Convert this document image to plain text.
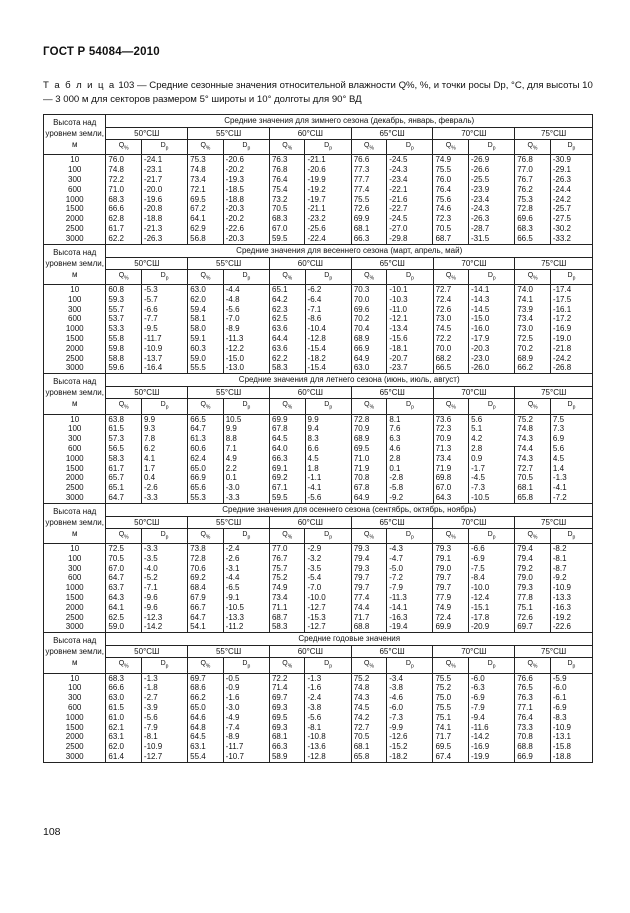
ГОСТ Р 54084—2010
Т а б л и ц а 103 — Средние сезонные значения относительной влажности Q%, %, и точки росы Dр, °С, для высоты 10 — 3 000 м для секторов размером 5° широты и 10° долготы для 90° ВД
Высота над уровнем земли, м	Средние значения для зимнего сезона (декабрь, январь, февраль)											
	50°СШ		55°СШ		60°СШ		65°СШ		70°СШ		75°СШ	
	$Q_{\%}$	$D_р$	$Q_{\%}$	$D_р$	$Q_{\%}$	$D_р$	$Q_{\%}$	$D_р$	$Q_{\%}$	$D_р$	$Q_{\%}$	$D_р$
10	76.0	-24.1	75.3	-20.6	76.3	-21.1	76.6	-24.5	74.9	-26.9	76.8	-30.9
100	74.8	-23.1	74.8	-20.2	76.8	-20.6	77.3	-24.3	75.5	-26.6	77.0	-29.1
300	72.2	-21.7	73.4	-19.3	76.4	-19.9	77.7	-23.4	76.0	-25.5	76.7	-26.3
600	71.0	-20.0	72.1	-18.5	75.4	-19.2	77.4	-22.1	76.4	-23.9	76.2	-24.4
1000	68.3	-19.6	69.5	-18.8	73.2	-19.7	75.5	-21.6	75.6	-23.4	75.3	-24.2
1500	66.6	-20.8	67.2	-20.3	70.5	-21.1	72.6	-22.7	74.6	-24.3	72.8	-25.7
2000	62.8	-18.8	64.1	-20.2	68.3	-23.2	69.9	-24.5	72.3	-26.3	69.6	-27.5
2500	61.7	-21.3	62.9	-22.6	67.0	-25.6	68.1	-27.0	70.5	-28.7	68.3	-30.2
3000	62.2	-26.3	56.8	-20.3	59.5	-22.4	66.3	-29.8	68.7	-31.5	66.5	-33.2
Высота над уровнем земли, м	Средние значения для весеннего сезона (март, апрель, май)											
	50°СШ		55°СШ		60°СШ		65°СШ		70°СШ		75°СШ	
	$Q_{\%}$	$D_р$	$Q_{\%}$	$D_р$	$Q_{\%}$	$D_р$	$Q_{\%}$	$D_р$	$Q_{\%}$	$D_р$	$Q_{\%}$	$D_р$
10	60.8	-5.3	63.0	-4.4	65.1	-6.2	70.3	-10.1	72.7	-14.1	74.0	-17.4
100	59.3	-5.7	62.0	-4.8	64.2	-6.4	70.0	-10.3	72.4	-14.3	74.1	-17.5
300	55.7	-6.6	59.4	-5.6	62.3	-7.1	69.6	-11.0	72.6	-14.5	73.9	-16.1
600	53.7	-7.7	58.1	-7.0	62.5	-8.6	70.2	-12.1	73.0	-15.0	73.4	-17.2
1000	53.3	-9.5	58.0	-8.9	63.6	-10.4	70.4	-13.4	74.5	-16.0	73.0	-16.9
1500	55.8	-11.7	59.1	-11.3	64.4	-12.8	68.9	-15.6	72.2	-17.9	72.5	-19.0
2000	59.8	-10.9	60.3	-12.2	63.6	-15.4	66.9	-18.1	70.0	-20.3	70.2	-21.8
2500	58.8	-13.7	59.0	-15.0	62.2	-18.2	64.9	-20.7	68.2	-23.0	68.9	-24.2
3000	59.6	-16.4	55.5	-13.0	58.3	-15.4	63.0	-23.7	66.5	-26.0	66.2	-26.8
Высота над уровнем земли, м	Средние значения для летнего сезона (июнь, июль, август)											
	50°СШ		55°СШ		60°СШ		65°СШ		70°СШ		75°СШ	
	$Q_{\%}$	$D_р$	$Q_{\%}$	$D_р$	$Q_{\%}$	$D_р$	$Q_{\%}$	$D_р$	$Q_{\%}$	$D_р$	$Q_{\%}$	$D_р$
10	63.8	9.9	66.5	10.5	69.9	9.9	72.8	8.1	73.6	5.6	75.2	7.5
100	61.5	9.3	64.7	9.9	67.8	9.4	70.9	7.6	72.3	5.1	74.8	7.3
300	57.3	7.8	61.3	8.8	64.5	8.3	68.9	6.3	70.9	4.2	74.3	6.9
600	56.5	6.2	60.6	7.1	64.0	6.6	69.5	4.6	71.3	2.8	74.4	5.6
1000	58.3	4.1	62.4	4.9	66.3	4.5	71.0	2.8	73.4	0.9	74.3	4.5
1500	61.7	1.7	65.0	2.2	69.1	1.8	71.9	0.1	71.9	-1.7	72.7	1.4
2000	65.7	0.4	66.9	0.1	69.2	-1.1	70.8	-2.8	69.8	-4.5	70.5	-1.3
2500	65.1	-2.6	65.6	-3.0	67.1	-4.1	67.8	-5.8	67.0	-7.3	68.1	-4.1
3000	64.7	-3.3	55.3	-3.3	59.5	-5.6	64.9	-9.2	64.3	-10.5	65.8	-7.2
Высота над уровнем земли, м	Средние значения для осеннего сезона (сентябрь, октябрь, ноябрь)											
	50°СШ		55°СШ		60°СШ		65°СШ		70°СШ		75°СШ	
	$Q_{\%}$	$D_р$	$Q_{\%}$	$D_р$	$Q_{\%}$	$D_р$	$Q_{\%}$	$D_р$	$Q_{\%}$	$D_р$	$Q_{\%}$	$D_р$
10	72.5	-3.3	73.8	-2.4	77.0	-2.9	79.3	-4.3	79.3	-6.6	79.4	-8.2
100	70.5	-3.5	72.8	-2.6	76.7	-3.2	79.4	-4.7	79.1	-6.9	79.4	-8.1
300	67.0	-4.0	70.6	-3.1	75.7	-3.5	79.3	-5.0	79.0	-7.5	79.2	-8.7
600	64.7	-5.2	69.2	-4.4	75.2	-5.4	79.7	-7.2	79.7	-8.4	79.0	-9.2
1000	63.7	-7.1	68.4	-6.5	74.9	-7.0	79.7	-7.9	79.7	-10.0	79.3	-10.9
1500	64.3	-9.6	67.9	-9.1	73.4	-10.0	77.4	-11.3	77.9	-12.4	77.8	-13.3
2000	64.1	-9.6	66.7	-10.5	71.1	-12.7	74.4	-14.1	74.9	-15.1	75.1	-16.3
2500	62.5	-12.3	64.7	-13.3	68.7	-15.3	71.7	-16.3	72.4	-17.8	72.6	-19.2
3000	59.0	-14.2	54.1	-11.2	58.3	-12.7	68.8	-19.4	69.9	-20.9	69.7	-22.6
Высота над уровнем земли, м	Средние годовые значения											
	50°СШ		55°СШ		60°СШ		65°СШ		70°СШ		75°СШ	
	$Q_{\%}$	$D_р$	$Q_{\%}$	$D_р$	$Q_{\%}$	$D_р$	$Q_{\%}$	$D_р$	$Q_{\%}$	$D_р$	$Q_{\%}$	$D_р$
10	68.3	-1.3	69.7	-0.5	72.2	-1.3	75.2	-3.4	75.5	-6.0	76.6	-5.9
100	66.6	-1.8	68.6	-0.9	71.4	-1.6	74.8	-3.8	75.2	-6.3	76.5	-6.0
300	63.0	-2.7	66.2	-1.6	69.7	-2.4	74.3	-4.6	75.0	-6.9	76.3	-6.1
600	61.5	-3.9	65.0	-3.0	69.3	-3.8	74.5	-6.0	75.5	-7.9	77.1	-6.9
1000	61.0	-5.6	64.6	-4.9	69.5	-5.6	74.2	-7.3	75.1	-9.4	76.4	-8.3
1500	62.1	-7.9	64.8	-7.4	69.3	-8.1	72.7	-9.9	74.1	-11.6	73.3	-10.9
2000	63.1	-8.1	64.5	-8.9	68.1	-10.8	70.5	-12.6	71.7	-14.2	70.8	-13.1
2500	62.0	-10.9	63.1	-11.7	66.3	-13.6	68.1	-15.2	69.5	-16.9	68.8	-15.8
3000	61.4	-12.7	55.4	-10.7	58.9	-12.8	65.8	-18.2	67.4	-19.9	66.9	-18.8
108
